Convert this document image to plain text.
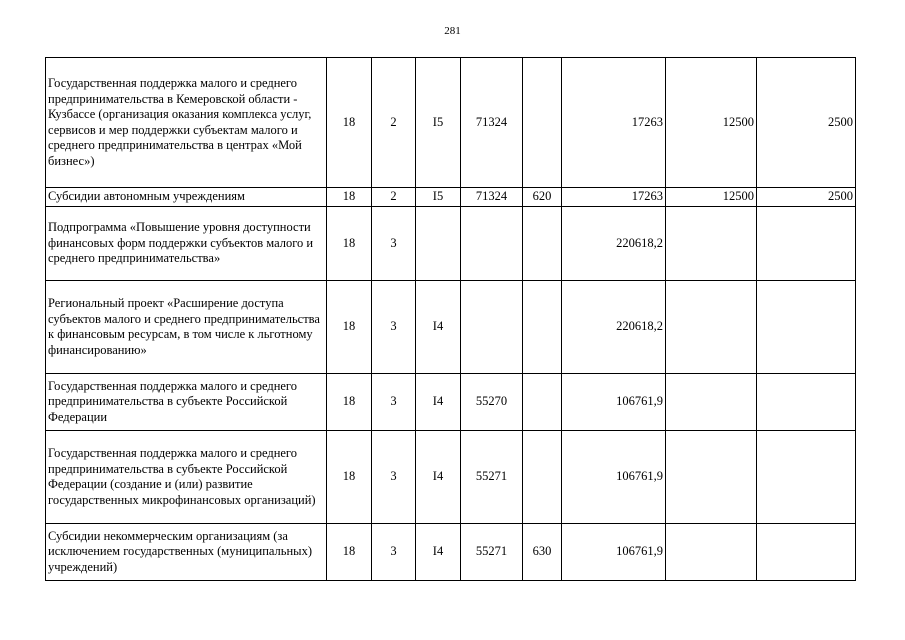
281
Государственная поддержка малого и среднего предпринимательства в Кемеровской области - Кузбассе (организация оказания комплекса услуг, сервисов и мер поддержки субъектам малого и среднего предпринимательства в центрах «Мой бизнес»)	18	2	I5	71324		17263	12500	2500
Субсидии автономным учреждениям	18	2	I5	71324	620	17263	12500	2500
Подпрограмма «Повышение уровня доступности финансовых форм поддержки субъектов малого и среднего предпринимательства»	18	3				220618,2		
Региональный проект «Расширение доступа субъектов малого и среднего предпринимательства к финансовым ресурсам, в том числе к льготному финансированию»	18	3	I4			220618,2		
Государственная поддержка малого и среднего предпринимательства в субъекте Российской Федерации	18	3	I4	55270		106761,9		
Государственная поддержка малого и среднего предпринимательства в субъекте Российской Федерации (создание и (или) развитие государственных микрофинансовых организаций)	18	3	I4	55271		106761,9		
Субсидии некоммерческим организациям (за исключением государственных (муниципальных) учреждений)	18	3	I4	55271	630	106761,9		
